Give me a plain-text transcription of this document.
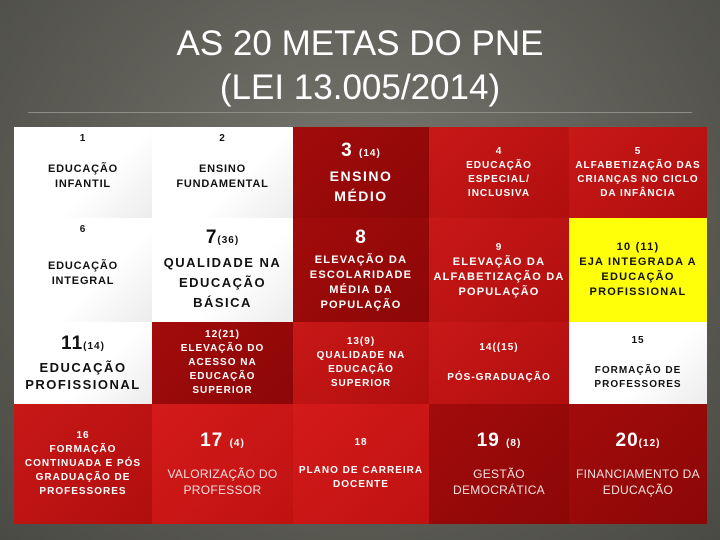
AS 20 METAS DO PNE
(LEI 13.005/2014)
1
EDUCAÇÃO INFANTIL
2
ENSINO FUNDAMENTAL
3 (14)
ENSINO MÉDIO
4
EDUCAÇÃO ESPECIAL/ INCLUSIVA
5
ALFABETIZAÇÃO DAS CRIANÇAS NO CICLO DA INFÂNCIA
6
EDUCAÇÃO INTEGRAL
7(36)
QUALIDADE NA EDUCAÇÃO BÁSICA
8
ELEVAÇÃO DA ESCOLARIDADE MÉDIA DA POPULAÇÃO
9
ELEVAÇÃO DA ALFABETIZAÇÃO DA POPULAÇÃO
10 (11)
EJA INTEGRADA A EDUCAÇÃO PROFISSIONAL
11(14)
EDUCAÇÃO PROFISSIONAL
12(21)
ELEVAÇÃO DO ACESSO NA EDUCAÇÃO SUPERIOR
13(9)
QUALIDADE NA EDUCAÇÃO SUPERIOR
14((15)
PÓS-GRADUAÇÃO
15
FORMAÇÃO DE PROFESSORES
16
FORMAÇÃO CONTINUADA E PÓS GRADUAÇÃO DE PROFESSORES
17 (4)
VALORIZAÇÃO DO PROFESSOR
18
PLANO DE CARREIRA DOCENTE
19 (8)
GESTÃO DEMOCRÁTICA
20(12)
FINANCIAMENTO DA EDUCAÇÃO
